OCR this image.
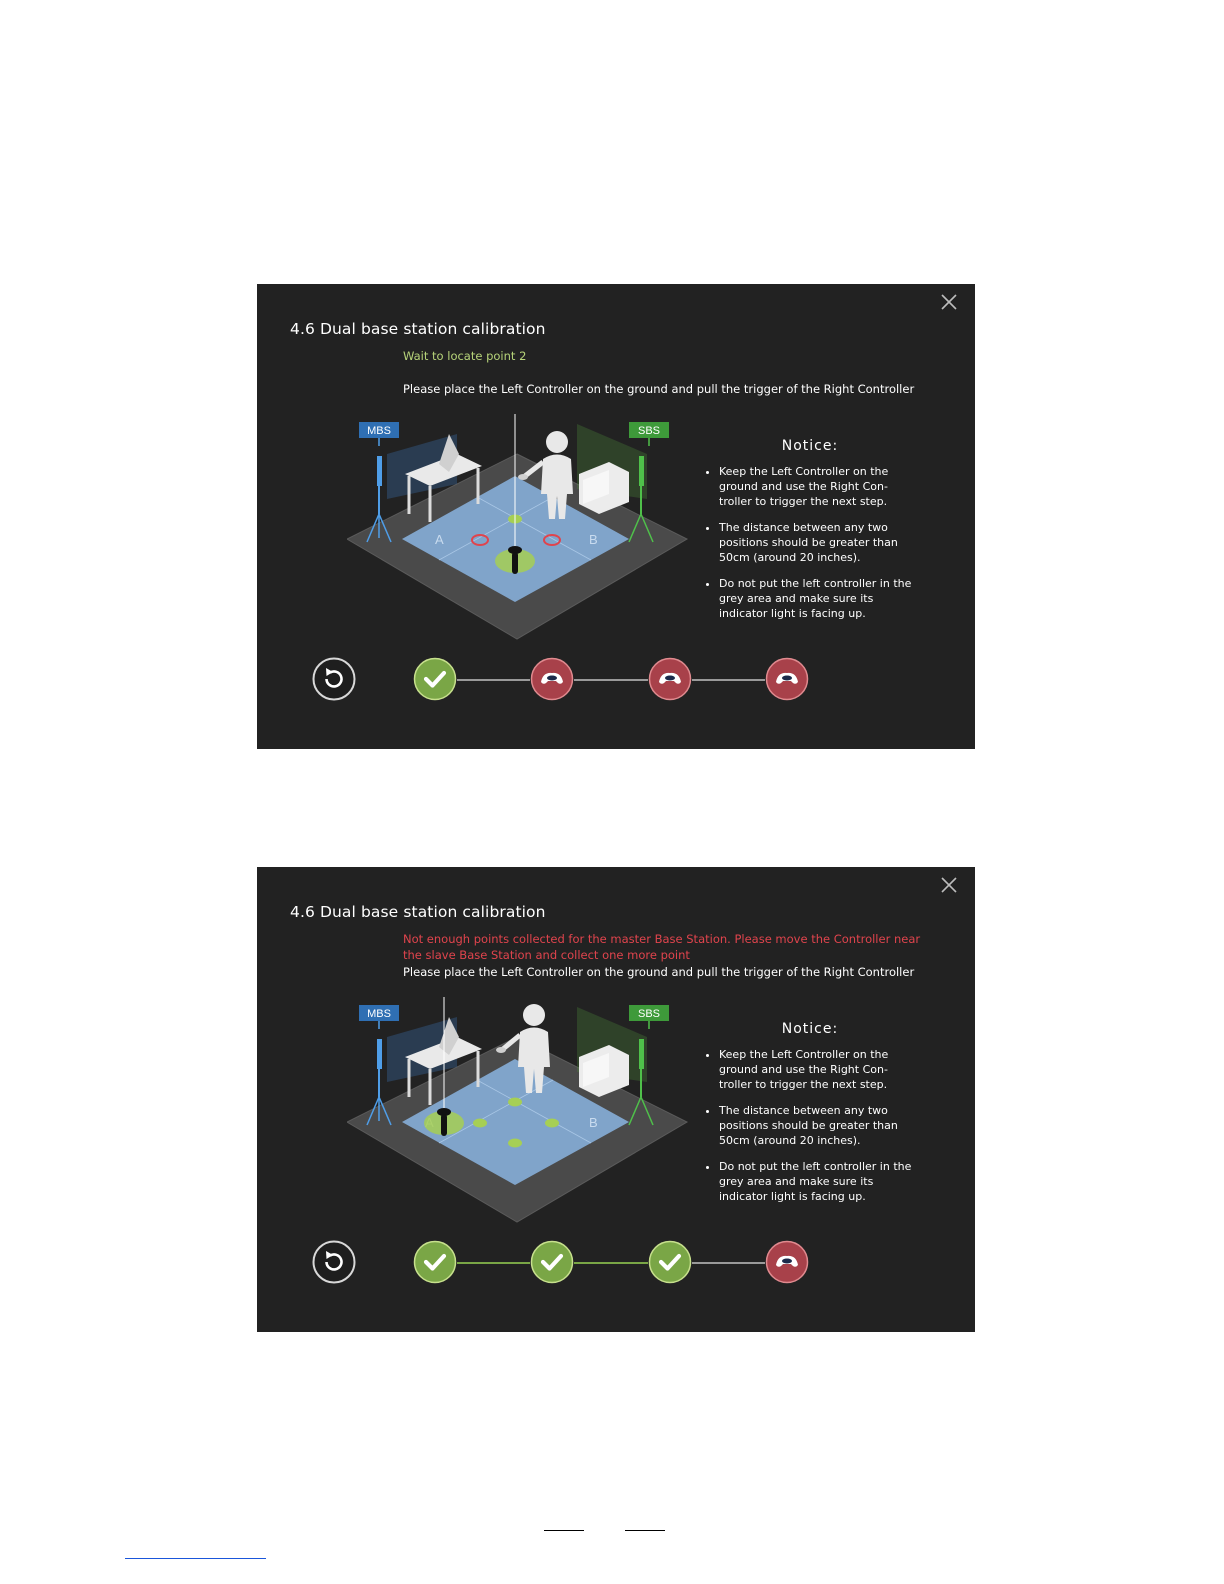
4.6 Dual base station calibration
Wait to locate point 2
Please place the Left Controller on the ground and pull the trigger of the Right Controller
MBS	SBS
A	B
Notice:
• Keep the Left Controller on the ground and use the Right Con-troller to trigger the next step.
• The distance between any two positions should be greater than 50cm (around 20 inches).
• Do not put the left controller in the grey area and make sure its indicator light is facing up.
4.6 Dual base station calibration
Not enough points collected for the master Base Station. Please move the Controller near the slave Base Station and collect one more point
Please place the Left Controller on the ground and pull the trigger of the Right Controller
MBS	SBS
B
Notice:
• Keep the Left Controller on the ground and use the Right Con-troller to trigger the next step.
• The distance between any two positions should be greater than 50cm (around 20 inches).
• Do not put the left controller in the grey area and make sure its indicator light is facing up.
